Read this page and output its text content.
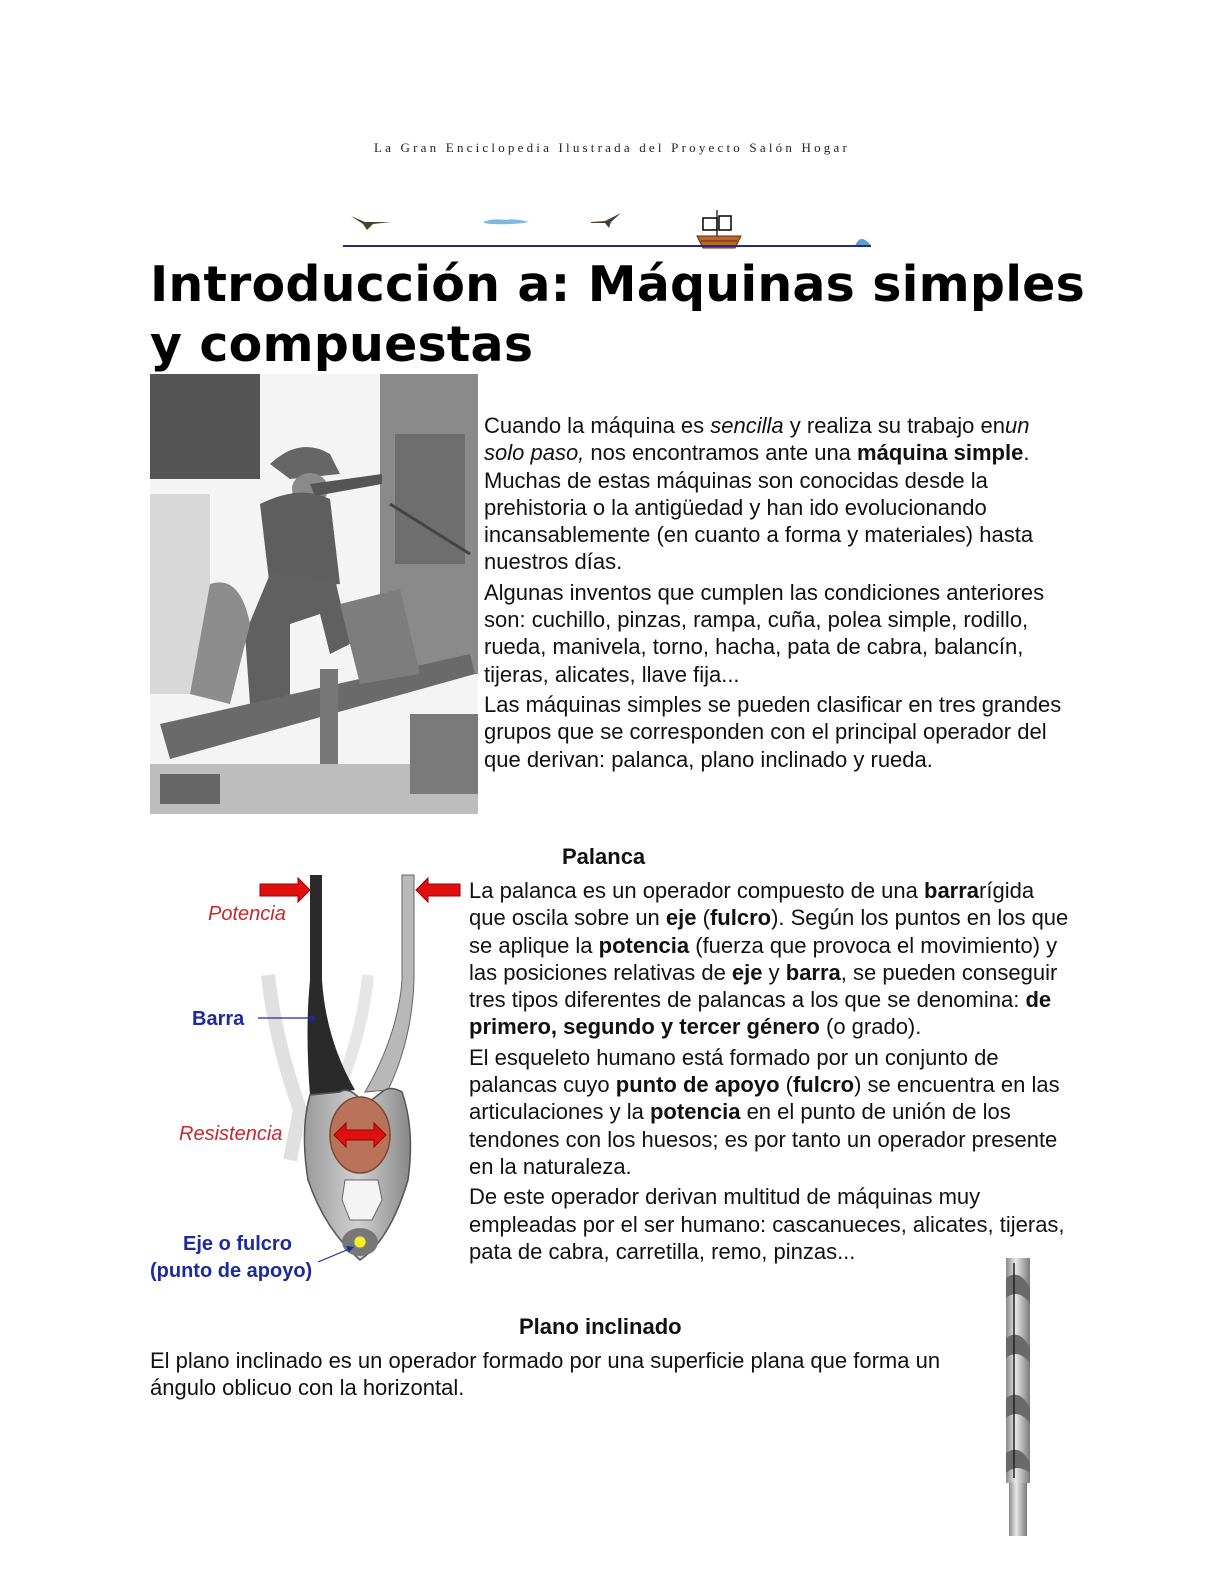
La Gran Enciclopedia Ilustrada del Proyecto Salón Hogar
Introducción a: Máquinas simples y compuestas

Cuando la máquina es sencilla y realiza su trabajo enun solo paso, nos encontramos ante una máquina simple. Muchas de estas máquinas son conocidas desde la prehistoria o la antigüedad y han ido evolucionando incansablemente (en cuanto a forma y materiales) hasta nuestros días.

Algunas inventos que cumplen las condiciones anteriores son: cuchillo, pinzas, rampa, cuña, polea simple, rodillo, rueda, manivela, torno, hacha, pata de cabra, balancín, tijeras, alicates, llave fija...

Las máquinas simples se pueden clasificar en tres grandes grupos que se corresponden con el principal operador del que derivan: palanca, plano inclinado y rueda.

Palanca
Potencia
Barra
Resistencia
Eje o fulcro
(punto de apoyo)

La palanca es un operador compuesto de una barrarígida que oscila sobre un eje (fulcro). Según los puntos en los que se aplique la potencia (fuerza que provoca el movimiento) y las posiciones relativas de eje y barra, se pueden conseguir tres tipos diferentes de palancas a los que se denomina: de primero, segundo y tercer género (o grado).

El esqueleto humano está formado por un conjunto de palancas cuyo punto de apoyo (fulcro) se encuentra en las articulaciones y la potencia en el punto de unión de los tendones con los huesos; es por tanto un operador presente en la naturaleza.

De este operador derivan multitud de máquinas muy empleadas por el ser humano: cascanueces, alicates, tijeras, pata de cabra, carretilla, remo, pinzas...

Plano inclinado

El plano inclinado es un operador formado por una superficie plana que forma un ángulo oblicuo con la horizontal.
